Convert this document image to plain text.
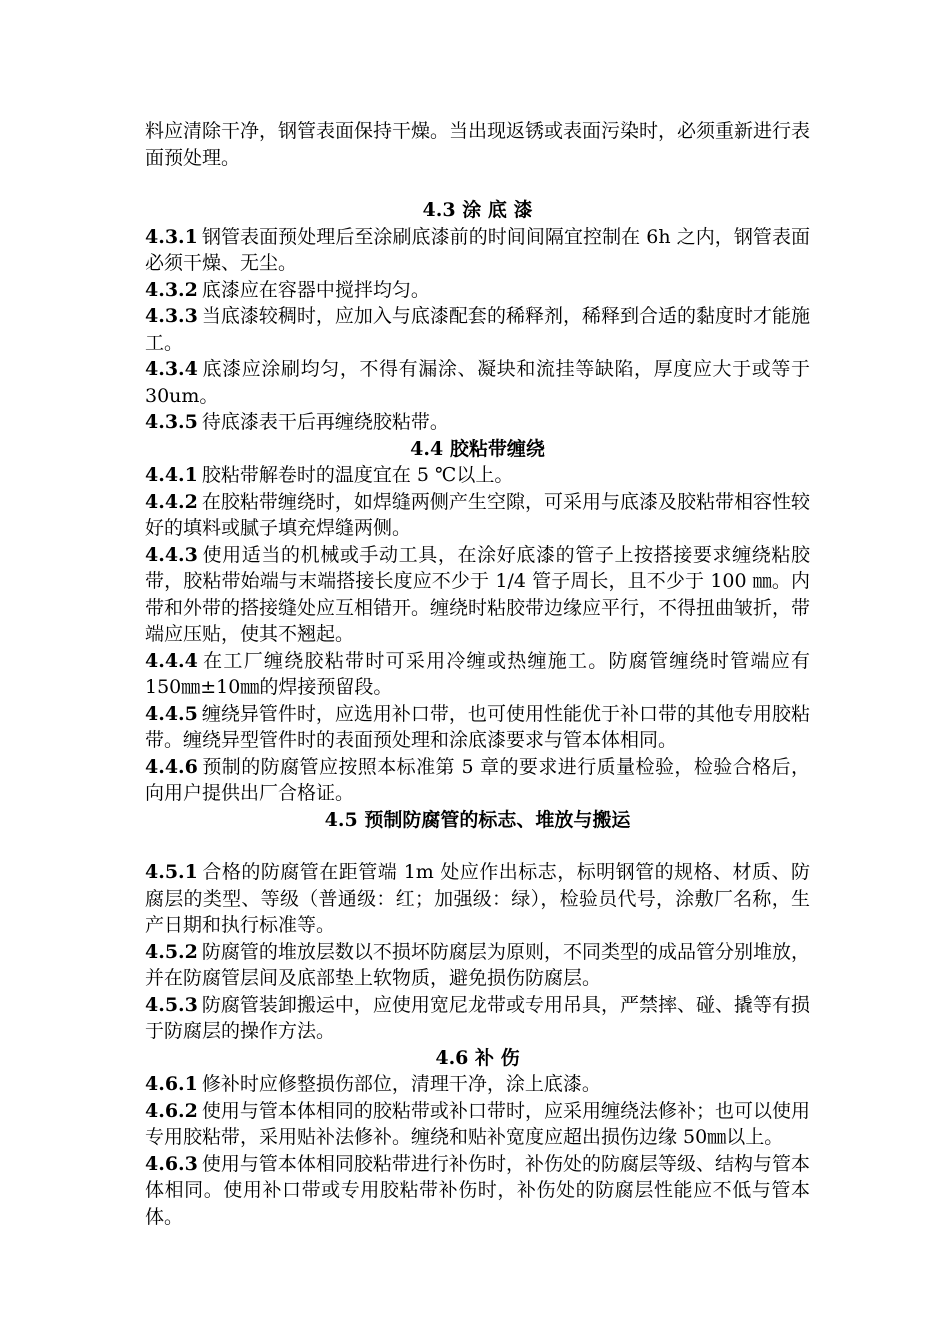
料应清除干净，钢管表面保持干燥。当出现返锈或表面污染时，必须重新进行表面预处理。

4.3 涂 底 漆

4.3.1 钢管表面预处理后至涂刷底漆前的时间间隔宜控制在 6h 之内，钢管表面必须干燥、无尘。

4.3.2 底漆应在容器中搅拌均匀。

4.3.3 当底漆较稠时，应加入与底漆配套的稀释剂，稀释到合适的黏度时才能施工。

4.3.4 底漆应涂刷均匀，不得有漏涂、凝块和流挂等缺陷，厚度应大于或等于 30um。

4.3.5 待底漆表干后再缠绕胶粘带。

4.4 胶粘带缠绕

4.4.1 胶粘带解卷时的温度宜在 5 ℃以上。

4.4.2 在胶粘带缠绕时，如焊缝两侧产生空隙，可采用与底漆及胶粘带相容性较好的填料或腻子填充焊缝两侧。

4.4.3 使用适当的机械或手动工具，在涂好底漆的管子上按搭接要求缠绕粘胶带，胶粘带始端与末端搭接长度应不少于 1/4 管子周长，且不少于 100 ㎜。内带和外带的搭接缝处应互相错开。缠绕时粘胶带边缘应平行，不得扭曲皱折，带端应压贴，使其不翘起。

4.4.4 在工厂缠绕胶粘带时可采用冷缠或热缠施工。防腐管缠绕时管端应有 150㎜±10㎜的焊接预留段。

4.4.5 缠绕异管件时，应选用补口带，也可使用性能优于补口带的其他专用胶粘带。缠绕异型管件时的表面预处理和涂底漆要求与管本体相同。

4.4.6 预制的防腐管应按照本标准第 5 章的要求进行质量检验，检验合格后，向用户提供出厂合格证。

4.5 预制防腐管的标志、堆放与搬运

4.5.1 合格的防腐管在距管端 1m 处应作出标志，标明钢管的规格、材质、防腐层的类型、等级（普通级：红；加强级：绿），检验员代号，涂敷厂名称，生产日期和执行标准等。

4.5.2 防腐管的堆放层数以不损坏防腐层为原则，不同类型的成品管分别堆放，并在防腐管层间及底部垫上软物质，避免损伤防腐层。

4.5.3 防腐管装卸搬运中，应使用宽尼龙带或专用吊具，严禁摔、碰、撬等有损于防腐层的操作方法。

4.6 补 伤

4.6.1 修补时应修整损伤部位，清理干净，涂上底漆。

4.6.2 使用与管本体相同的胶粘带或补口带时，应采用缠绕法修补；也可以使用专用胶粘带，采用贴补法修补。缠绕和贴补宽度应超出损伤边缘 50㎜以上。

4.6.3 使用与管本体相同胶粘带进行补伤时，补伤处的防腐层等级、结构与管本体相同。使用补口带或专用胶粘带补伤时，补伤处的防腐层性能应不低与管本体。
